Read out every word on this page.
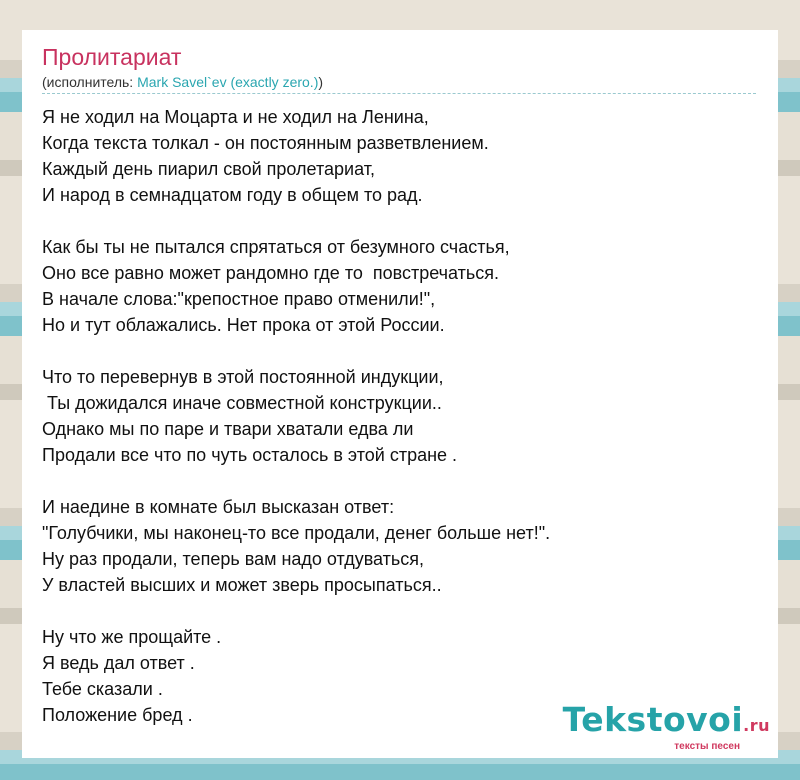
Пролитариат
(исполнитель: Mark Savel`ev (exactly zero.))
Я не ходил на Моцарта и не ходил на Ленина,
Когда текста толкал - он постоянным разветвлением.
Каждый день пиарил свой пролетариат,
И народ в семнадцатом году в общем то рад.
Как бы ты не пытался спрятаться от безумного счастья,
Оно все равно может рандомно где то  повстречаться.
В начале слова:"крепостное право отменили!",
Но и тут облажались. Нет прока от этой России.
Что то перевернув в этой постоянной индукции,
Ты дожидался иначе совместной конструкции..
Однако мы по паре и твари хватали едва ли
Продали все что по чуть осталось в этой стране .
И наедине в комнате был высказан ответ:
"Голубчики, мы наконец-то все продали, денег больше нет!".
Ну раз продали, теперь вам надо отдуваться,
У властей высших и может зверь просыпаться..
Ну что же прощайте .
Я ведь дал ответ .
Тебе сказали .
Положение бред .	Tekstovoi.ru
тексты песен
